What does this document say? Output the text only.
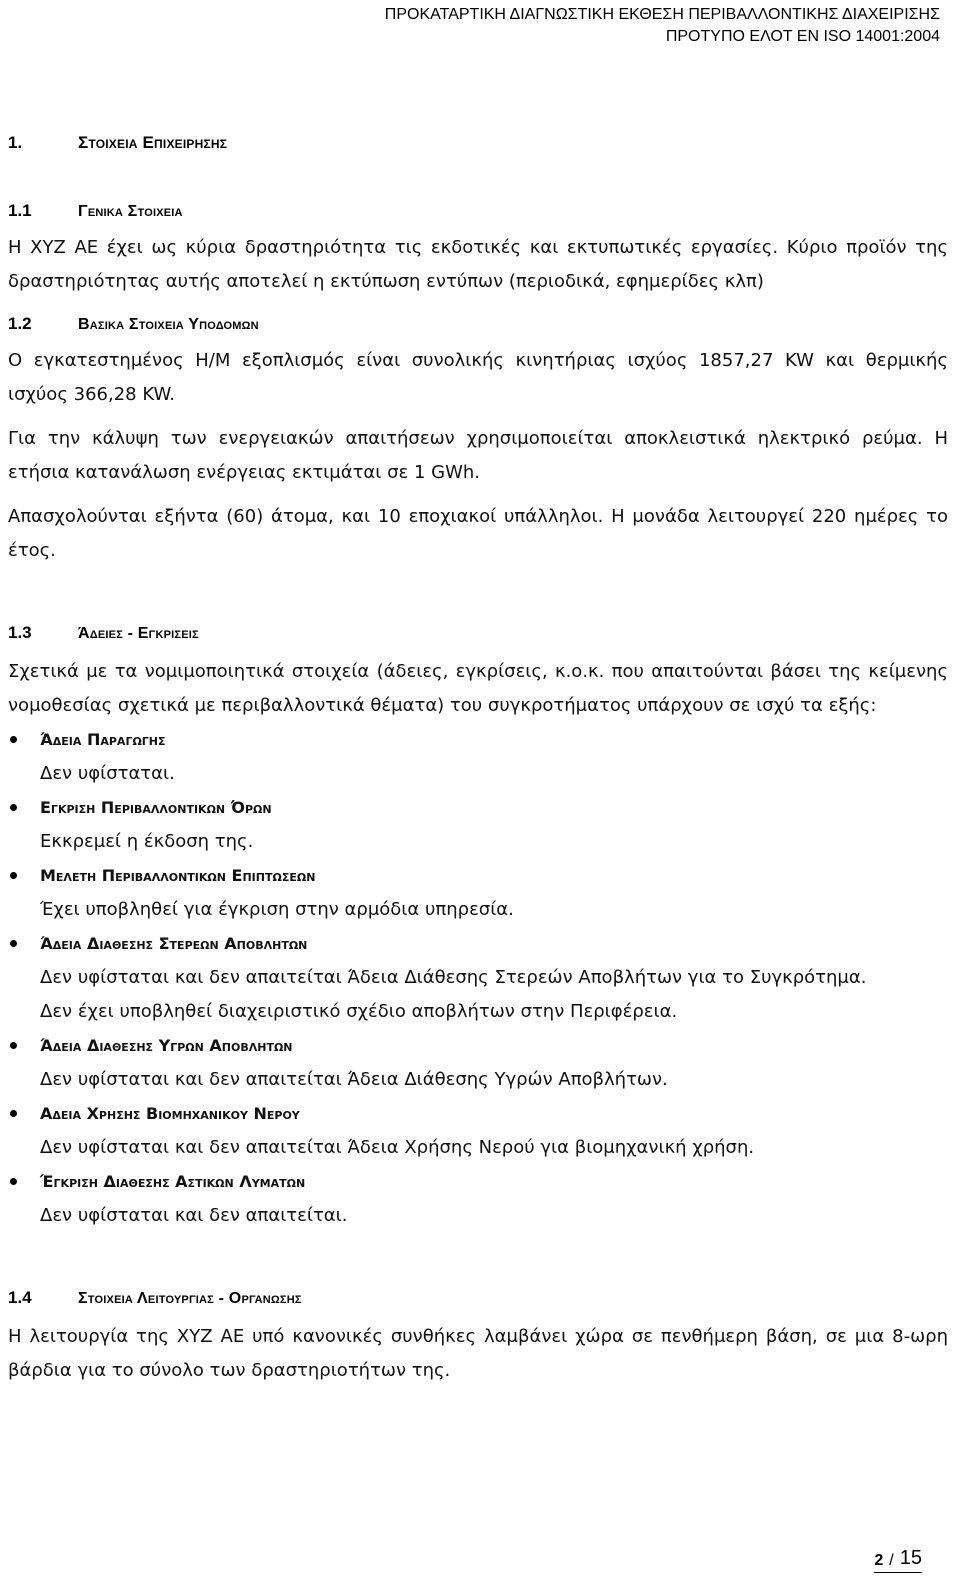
ΠΡΟΚΑΤΑΡΤΙΚΗ ΔΙΑΓΝΩΣΤΙΚΗ ΕΚΘΕΣΗ ΠΕΡΙΒΑΛΛΟΝΤΙΚΗΣ ΔΙΑΧΕΙΡΙΣΗΣ
ΠΡΟΤΥΠΟ ΕΛΟΤ ΕΝ ISO 14001:2004
1.	Στοιχεια Επιχειρησης
1.1	Γενικα Στοιχεια

Η XYZ AE έχει ως κύρια δραστηριότητα τις εκδοτικές και εκτυπωτικές εργασίες. Κύριο προϊόν της δραστηριότητας αυτής αποτελεί η εκτύπωση εντύπων (περιοδικά, εφημερίδες κλπ)

1.2	Βασικα Στοιχεια Υποδομων

Ο εγκατεστημένος Η/Μ εξοπλισμός είναι συνολικής κινητήριας ισχύος 1857,27 KW και θερμικής ισχύος 366,28 KW.

Για την κάλυψη των ενεργειακών απαιτήσεων χρησιμοποιείται αποκλειστικά ηλεκτρικό ρεύμα. Η ετήσια κατανάλωση ενέργειας εκτιμάται σε 1 GWh.

Απασχολούνται εξήντα (60) άτομα, και 10 εποχιακοί υπάλληλοι. Η μονάδα λειτουργεί 220 ημέρες το έτος.

1.3	Άδειες - Εγκρισεις

Σχετικά με τα νομιμοποιητικά στοιχεία (άδειες, εγκρίσεις, κ.ο.κ. που απαιτούνται βάσει της κείμενης νομοθεσίας σχετικά με περιβαλλοντικά θέματα) του συγκροτήματος υπάρχουν σε ισχύ τα εξής:

Άδεια Παραγωγης
Δεν υφίσταται.
Εγκριση Περιβαλλοντικων Όρων
Εκκρεμεί η έκδοση της.
Μελετη Περιβαλλοντικων Επιπτωσεων
Έχει υποβληθεί για έγκριση στην αρμόδια υπηρεσία.
Άδεια Διαθεσης Στερεων Αποβλητων
Δεν υφίσταται και δεν απαιτείται Άδεια Διάθεσης Στερεών Αποβλήτων για το Συγκρότημα.
Δεν έχει υποβληθεί διαχειριστικό σχέδιο αποβλήτων στην Περιφέρεια.
Άδεια Διαθεσης Υγρων Αποβλητων
Δεν υφίσταται και δεν απαιτείται Άδεια Διάθεσης Υγρών Αποβλήτων.
Αδεια Χρησης Βιομηχανικου Νερου
Δεν υφίσταται και δεν απαιτείται Άδεια Χρήσης Νερού για βιομηχανική χρήση.
Έγκριση Διαθεσης Αστικων Λυματων
Δεν υφίσταται και δεν απαιτείται.
1.4	Στοιχεια Λειτουργιας - Οργανωσης

Η λειτουργία της XYZ AE υπό κανονικές συνθήκες λαμβάνει χώρα σε πενθήμερη βάση, σε μια 8-ωρη βάρδια για το σύνολο των δραστηριοτήτων της.

2 / 15
